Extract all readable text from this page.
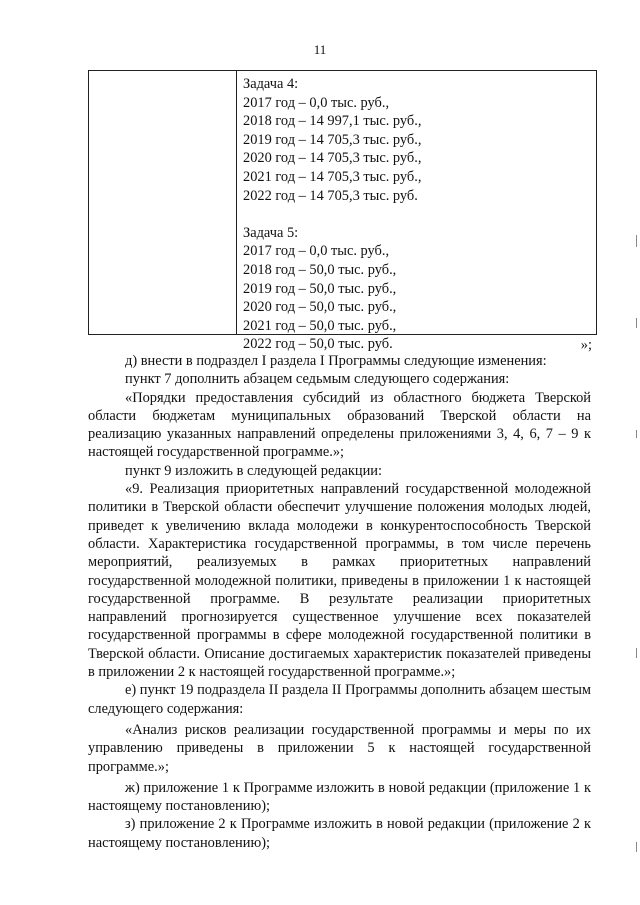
11
Задача 4:
2017 год – 0,0 тыс. руб.,
2018 год – 14 997,1 тыс. руб.,
2019 год – 14 705,3 тыс. руб.,
2020 год – 14 705,3 тыс. руб.,
2021 год – 14 705,3 тыс. руб.,
2022 год – 14 705,3 тыс. руб.
Задача 5:
2017 год – 0,0 тыс. руб.,
2018 год – 50,0 тыс. руб.,
2019 год – 50,0 тыс. руб.,
2020 год – 50,0 тыс. руб.,
2021 год – 50,0 тыс. руб.,
2022 год – 50,0 тыс. руб.	»;

д) внести в подраздел I раздела I Программы следующие изменения:

пункт 7 дополнить абзацем седьмым следующего содержания:

«Порядки предоставления субсидий из областного бюджета Тверской области бюджетам муниципальных образований Тверской области на реализацию указанных направлений определены приложениями 3, 4, 6, 7 – 9 к настоящей государственной программе.»;

пункт 9 изложить в следующей редакции:

«9. Реализация приоритетных направлений государственной молодежной политики в Тверской области обеспечит улучшение положения молодых людей, приведет к увеличению вклада молодежи в конкурентоспособность Тверской области. Характеристика государственной программы, в том числе перечень мероприятий, реализуемых в рамках приоритетных направлений государственной молодежной политики, приведены в приложении 1 к настоящей государственной программе. В результате реализации приоритетных направлений прогнозируется существенное улучшение всех показателей государственной программы в сфере молодежной государственной политики в Тверской области. Описание достигаемых характеристик показателей приведены в приложении 2 к настоящей государственной программе.»;

е) пункт 19 подраздела II раздела II Программы дополнить абзацем шестым следующего содержания:

«Анализ рисков реализации государственной программы и меры по их управлению приведены в приложении 5 к настоящей государственной программе.»;

ж) приложение 1 к Программе изложить в новой редакции (приложение 1 к настоящему постановлению);

з) приложение 2 к Программе изложить в новой редакции (приложение 2 к настоящему постановлению);
